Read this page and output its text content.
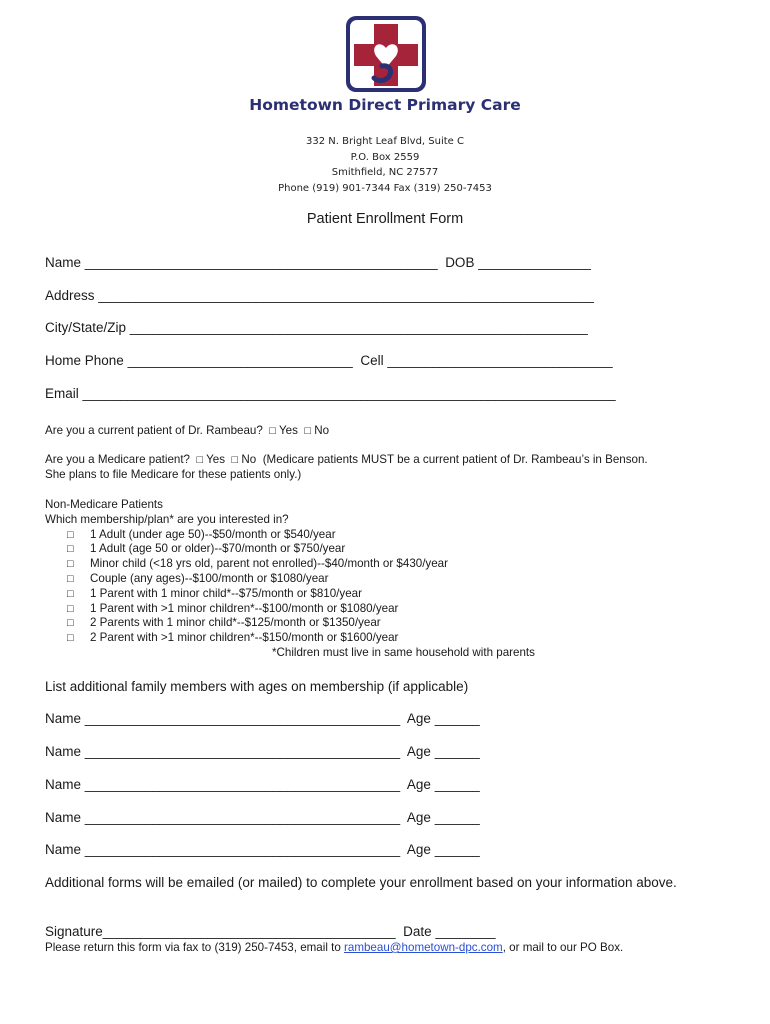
Hometown Direct Primary Care
332 N. Bright Leaf Blvd, Suite C
P.O. Box 2559
Smithfield, NC 27577
Phone (919) 901-7344 Fax (319) 250-7453
Patient Enrollment Form
Name _______________________________________________ DOB _______________
Address __________________________________________________________________
City/State/Zip _____________________________________________________________
Home Phone ______________________________ Cell ______________________________
Email _______________________________________________________________________
Are you a current patient of Dr. Rambeau? □ Yes □ No
Are you a Medicare patient? □ Yes □ No (Medicare patients MUST be a current patient of Dr. Rambeau’s in Benson.
She plans to file Medicare for these patients only.)
Non-Medicare Patients
Which membership/plan* are you interested in?
□ 1 Adult (under age 50)--$50/month or $540/year
□ 1 Adult (age 50 or older)--$70/month or $750/year
□ Minor child (<18 yrs old, parent not enrolled)--$40/month or $430/year
□ Couple (any ages)--$100/month or $1080/year
□ 1 Parent with 1 minor child*--$75/month or $810/year
□ 1 Parent with >1 minor children*--$100/month or $1080/year
□ 2 Parents with 1 minor child*--$125/month or $1350/year
□ 2 Parent with >1 minor children*--$150/month or $1600/year
*Children must live in same household with parents
List additional family members with ages on membership (if applicable)
Name __________________________________________ Age ______
Name __________________________________________ Age ______
Name __________________________________________ Age ______
Name __________________________________________ Age ______
Name __________________________________________ Age ______
Additional forms will be emailed (or mailed) to complete your enrollment based on your information above.
Signature_______________________________________ Date ________
Please return this form via fax to (319) 250-7453, email to rambeau@hometown-dpc.com, or mail to our PO Box.
